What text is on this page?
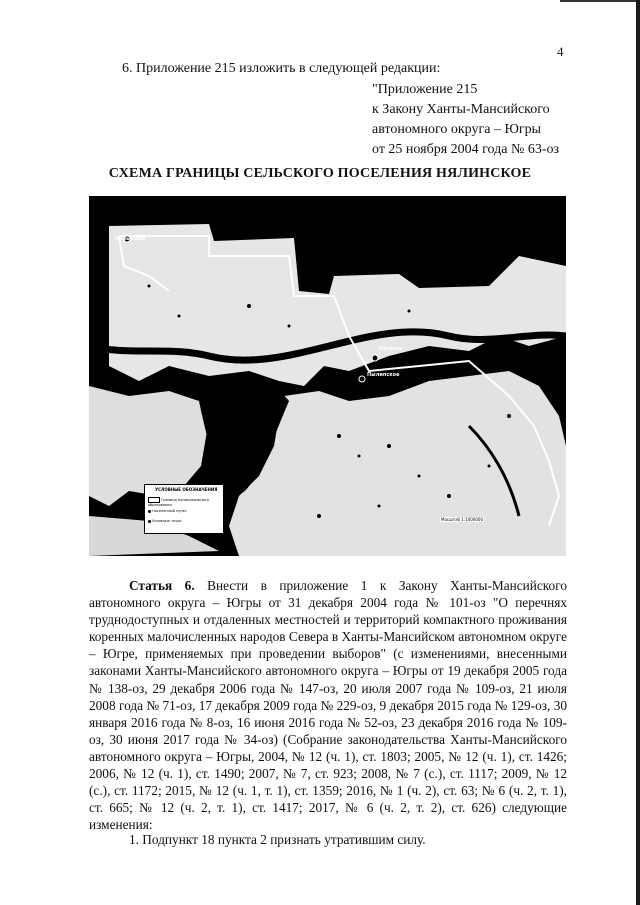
4
6. Приложение 215 изложить в следующей редакции:
"Приложение 215
к Закону Ханты-Мансийского
автономного округа – Югры
от 25 ноября 2004 года № 63-оз
СХЕМА ГРАНИЦЫ СЕЛЬСКОГО ПОСЕЛЕНИЯ НЯЛИНСКОЕ
Нарыкары
Нялинск
Пылипское
УСЛОВНЫЕ ОБОЗНАЧЕНИЯ
Граница муниципального образования
Населенный пункт
Условные точки	Масштаб 1:1000000

Статья 6. Внести в приложение 1 к Закону Ханты-Мансийского автономного округа – Югры от 31 декабря 2004 года № 101-оз "О перечнях труднодоступных и отдаленных местностей и территорий компактного проживания коренных малочисленных народов Севера в Ханты-Мансийском автономном округе – Югре, применяемых при проведении выборов" (с изменениями, внесенными законами Ханты-Мансийского автономного округа – Югры от 19 декабря 2005 года № 138-оз, 29 декабря 2006 года № 147-оз, 20 июля 2007 года № 109-оз, 21 июля 2008 года № 71-оз, 17 декабря 2009 года № 229-оз, 9 декабря 2015 года № 129-оз, 30 января 2016 года № 8-оз, 16 июня 2016 года № 52-оз, 23 декабря 2016 года № 109-оз, 30 июня 2017 года № 34-оз) (Собрание законодательства Ханты-Мансийского автономного округа – Югры, 2004, № 12 (ч. 1), ст. 1803; 2005, № 12 (ч. 1), ст. 1426; 2006, № 12 (ч. 1), ст. 1490; 2007, № 7, ст. 923; 2008, № 7 (с.), ст. 1117; 2009, № 12 (с.), ст. 1172; 2015, № 12 (ч. 1, т. 1), ст. 1359; 2016, № 1 (ч. 2), ст. 63; № 6 (ч. 2, т. 1), ст. 665; № 12 (ч. 2, т. 1), ст. 1417; 2017, № 6 (ч. 2, т. 2), ст. 626) следующие изменения:

1. Подпункт 18 пункта 2 признать утратившим силу.
